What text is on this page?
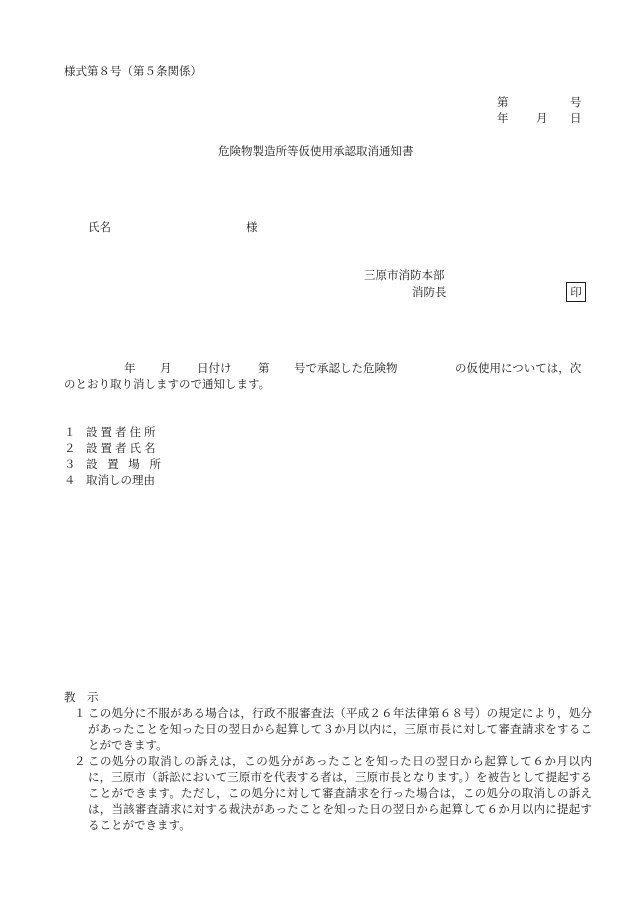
様式第８号（第５条関係）
第	号
年 月 日
危険物製造所等仮使用承認取消通知書
氏名	様
三原市消防本部
消防長	印
年 月 日付け 第 号で承認した危険物	の仮使用については，次
のとおり取り消しますので通知します。
１ 設置者住所
２ 設置者氏名
３ 設 置 場 所
４ 取消しの理由
教　示
１ この処分に不服がある場合は，行政不服審査法（平成２６年法律第６８号）の規定により，処分があったことを知った日の翌日から起算して３か月以内に，三原市長に対して審査請求をすることができます。
２ この処分の取消しの訴えは，この処分があったことを知った日の翌日から起算して６か月以内に，三原市（訴訟において三原市を代表する者は，三原市長となります。）を被告として提起することができます。ただし，この処分に対して審査請求を行った場合は，この処分の取消しの訴えは，当該審査請求に対する裁決があったことを知った日の翌日から起算して６か月以内に提起することができます。
